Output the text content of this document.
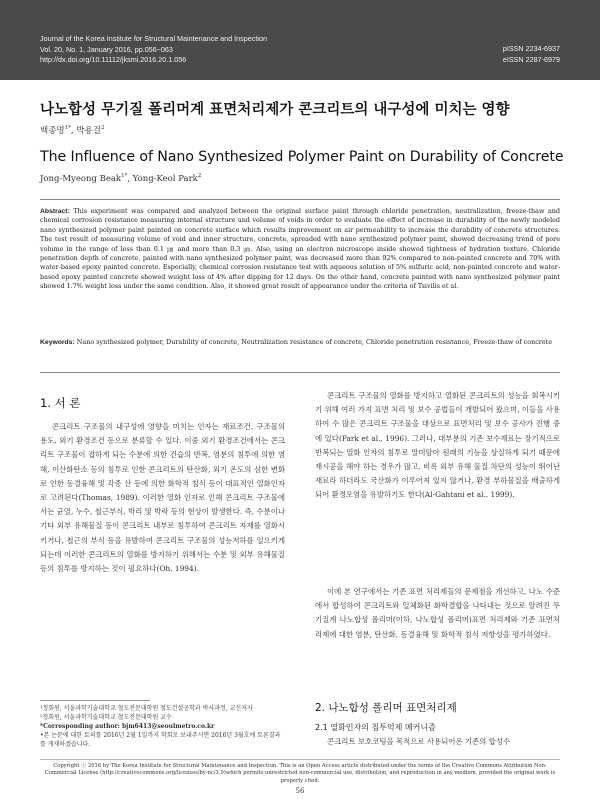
Journal of the Korea Institute for Structural Maintenance and Inspection
Vol. 20, No. 1, January 2016, pp.056~063
http://dx.doi.org/10.11112/jksmi.2016.20.1.056
pISSN 2234-6937
eISSN 2287-6979
나노합성 무기질 폴리머계 표면처리제가 콘크리트의 내구성에 미치는 영향
백종명$^{1*}$, 박용걸$^2$
The Influence of Nano Synthesized Polymer Paint on Durability of Concrete
Jong-Myeong Beak$^{1*}$, Yong-Keol Park$^2$
Abstract: This experiment was compared and analyzed between the original surface paint through chloride penetration, neutralization, freeze-thaw and chemical corrosion resistance measuring internal structure and volume of voids in order to evaluate the effect of increase in durability of the newly modeled nano synthesized polymer paint painted on concrete surface which results improvement on air permeability to increase the durability of concrete structures. The test result of measuring volume of void and inner structure, concrete, spreaded with nano synthesized polymer paint, showed decreasing trend of pore volume in the range of less than 0.1 ㎛ and more than 0.3 ㎛. Also, using an electron microscope inside showed tightness of hydration texture. Chloride penetration depth of concrete, painted with nano synthesized polymer paint, was decreased more than 92% compared to non-painted concrete and 70% with water-based epoxy painted concrete. Especially, chemical corrosion resistance test with aqueous solution of 5% sulfuric acid, non-painted concrete and water-based epoxy painted concrete showed weight loss of 4% after dipping for 12 days. On the other hand, concrete painted with nano synthesized polymer paint showed 1.7% weight loss under the same condition. Also, it showed great result of appearance under the criteria of Tsivilis et al.
Keywords: Nano synthesized polymer, Durability of concrete, Neutralization resistance of concrete, Chloride penetration resistance, Freeze-thaw of concrete
1. 서 론
콘크리트 구조물의 내구성에 영향을 미치는 인자는 재료조건, 구조물의 용도, 외기 환경조건 등으로 분류할 수 있다. 이중 외기 환경조건에서는 콘크리트 구조물이 접하게 되는 수분에 의한 건습의 반복, 염분의 침투에 의한 염해, 이산화탄소 등의 침투로 인한 콘크리트의 탄산화, 외기 온도의 심한 변화로 인한 동결융해 및 각종 산 등에 의한 화학적 침식 등이 대표적인 열화인자로 고려된다(Thomas, 1989). 이러한 열화 인자로 인해 콘크리트 구조물에서는 균열, 누수, 철근부식, 박리 및 박락 등의 현상이 발생한다. 즉, 수분이나 기타 외부 유해물질 등이 콘크리트 내부로 침투하여 콘크리트 자재를 열화시키거나, 철근의 부식 등을 유발하여 콘크리트 구조물의 성능저하를 일으키게 되는데 이러한 콘크리트의 열화를 방지하기 위해서는 수분 및 외부 유해물질 등의 침투를 방지하는 것이 필요하다(Oh, 1994).
¹정회원, 서울과학기술대학교 철도전문대학원 철도건설공학과 박사과정, 교신저자
²정회원, 서울과학기술대학교 철도전문대학원 교수
*Corresponding author: bjm6413@seoulmetro.co.kr
•본 논문에 대한 토의를 2016년 2월 1일까지 학회로 보내주시면 2016년 3월호에 토론결과를 게재하겠습니다.
콘크리트 구조물의 열화를 방지하고 열화된 콘크리트의 성능을 회복시키기 위해 여러 가지 표면 처리 및 보수 공법들이 개발되어 왔으며, 이들을 사용하여 수 많은 콘크리트 구조물을 대상으로 표면처리 및 보수 공사가 진행 중에 있다(Park et al., 1996). 그러나, 대부분의 기존 보수재료는 장기적으로 반복되는 열화 인자의 침투로 말미암아 원래의 기능을 상실하게 되기 때문에 재시공을 해야 하는 경우가 많고, 비록 외부 유해 물질 차단의 성능이 뛰어난 재료라 하더라도 국산화가 이루어져 있지 않거나, 환경 부하물질을 배출하게 되어 환경오염을 유발하기도 한다(Al-Gahtani et al., 1999).
이에 본 연구에서는 기존 표면 처리제들의 문제점을 개선하고, 나노 수준에서 합성하여 콘크리트와 일체화된 화학결합을 나타내는 것으로 알려진 무기질계 나노합성 폴리머(이하, 나노합성 폴리머)표면 처리제와 기존 표면처리제에 대한 염분, 탄산화, 동결융해 및 화학적 침식 저항성을 평가하였다.
2. 나노합성 폴리머 표면처리제
2.1 열화인자의 침투억제 메커니즘
콘크리트 보호코팅을 목적으로 사용되어온 기존의 합성수
Copyright ⓒ 2016 by The Korea Institute for Structural Maintenance and Inspection. This is an Open Access article distributed under the terms of the Creative Commons Attribution Non-Commercial License (http://creativecommons.org/licenses/by-nc/3.0)which permits unrestricted non-commercial use, distribution, and reproduction in any medium, provided the original work is properly cited.
56
